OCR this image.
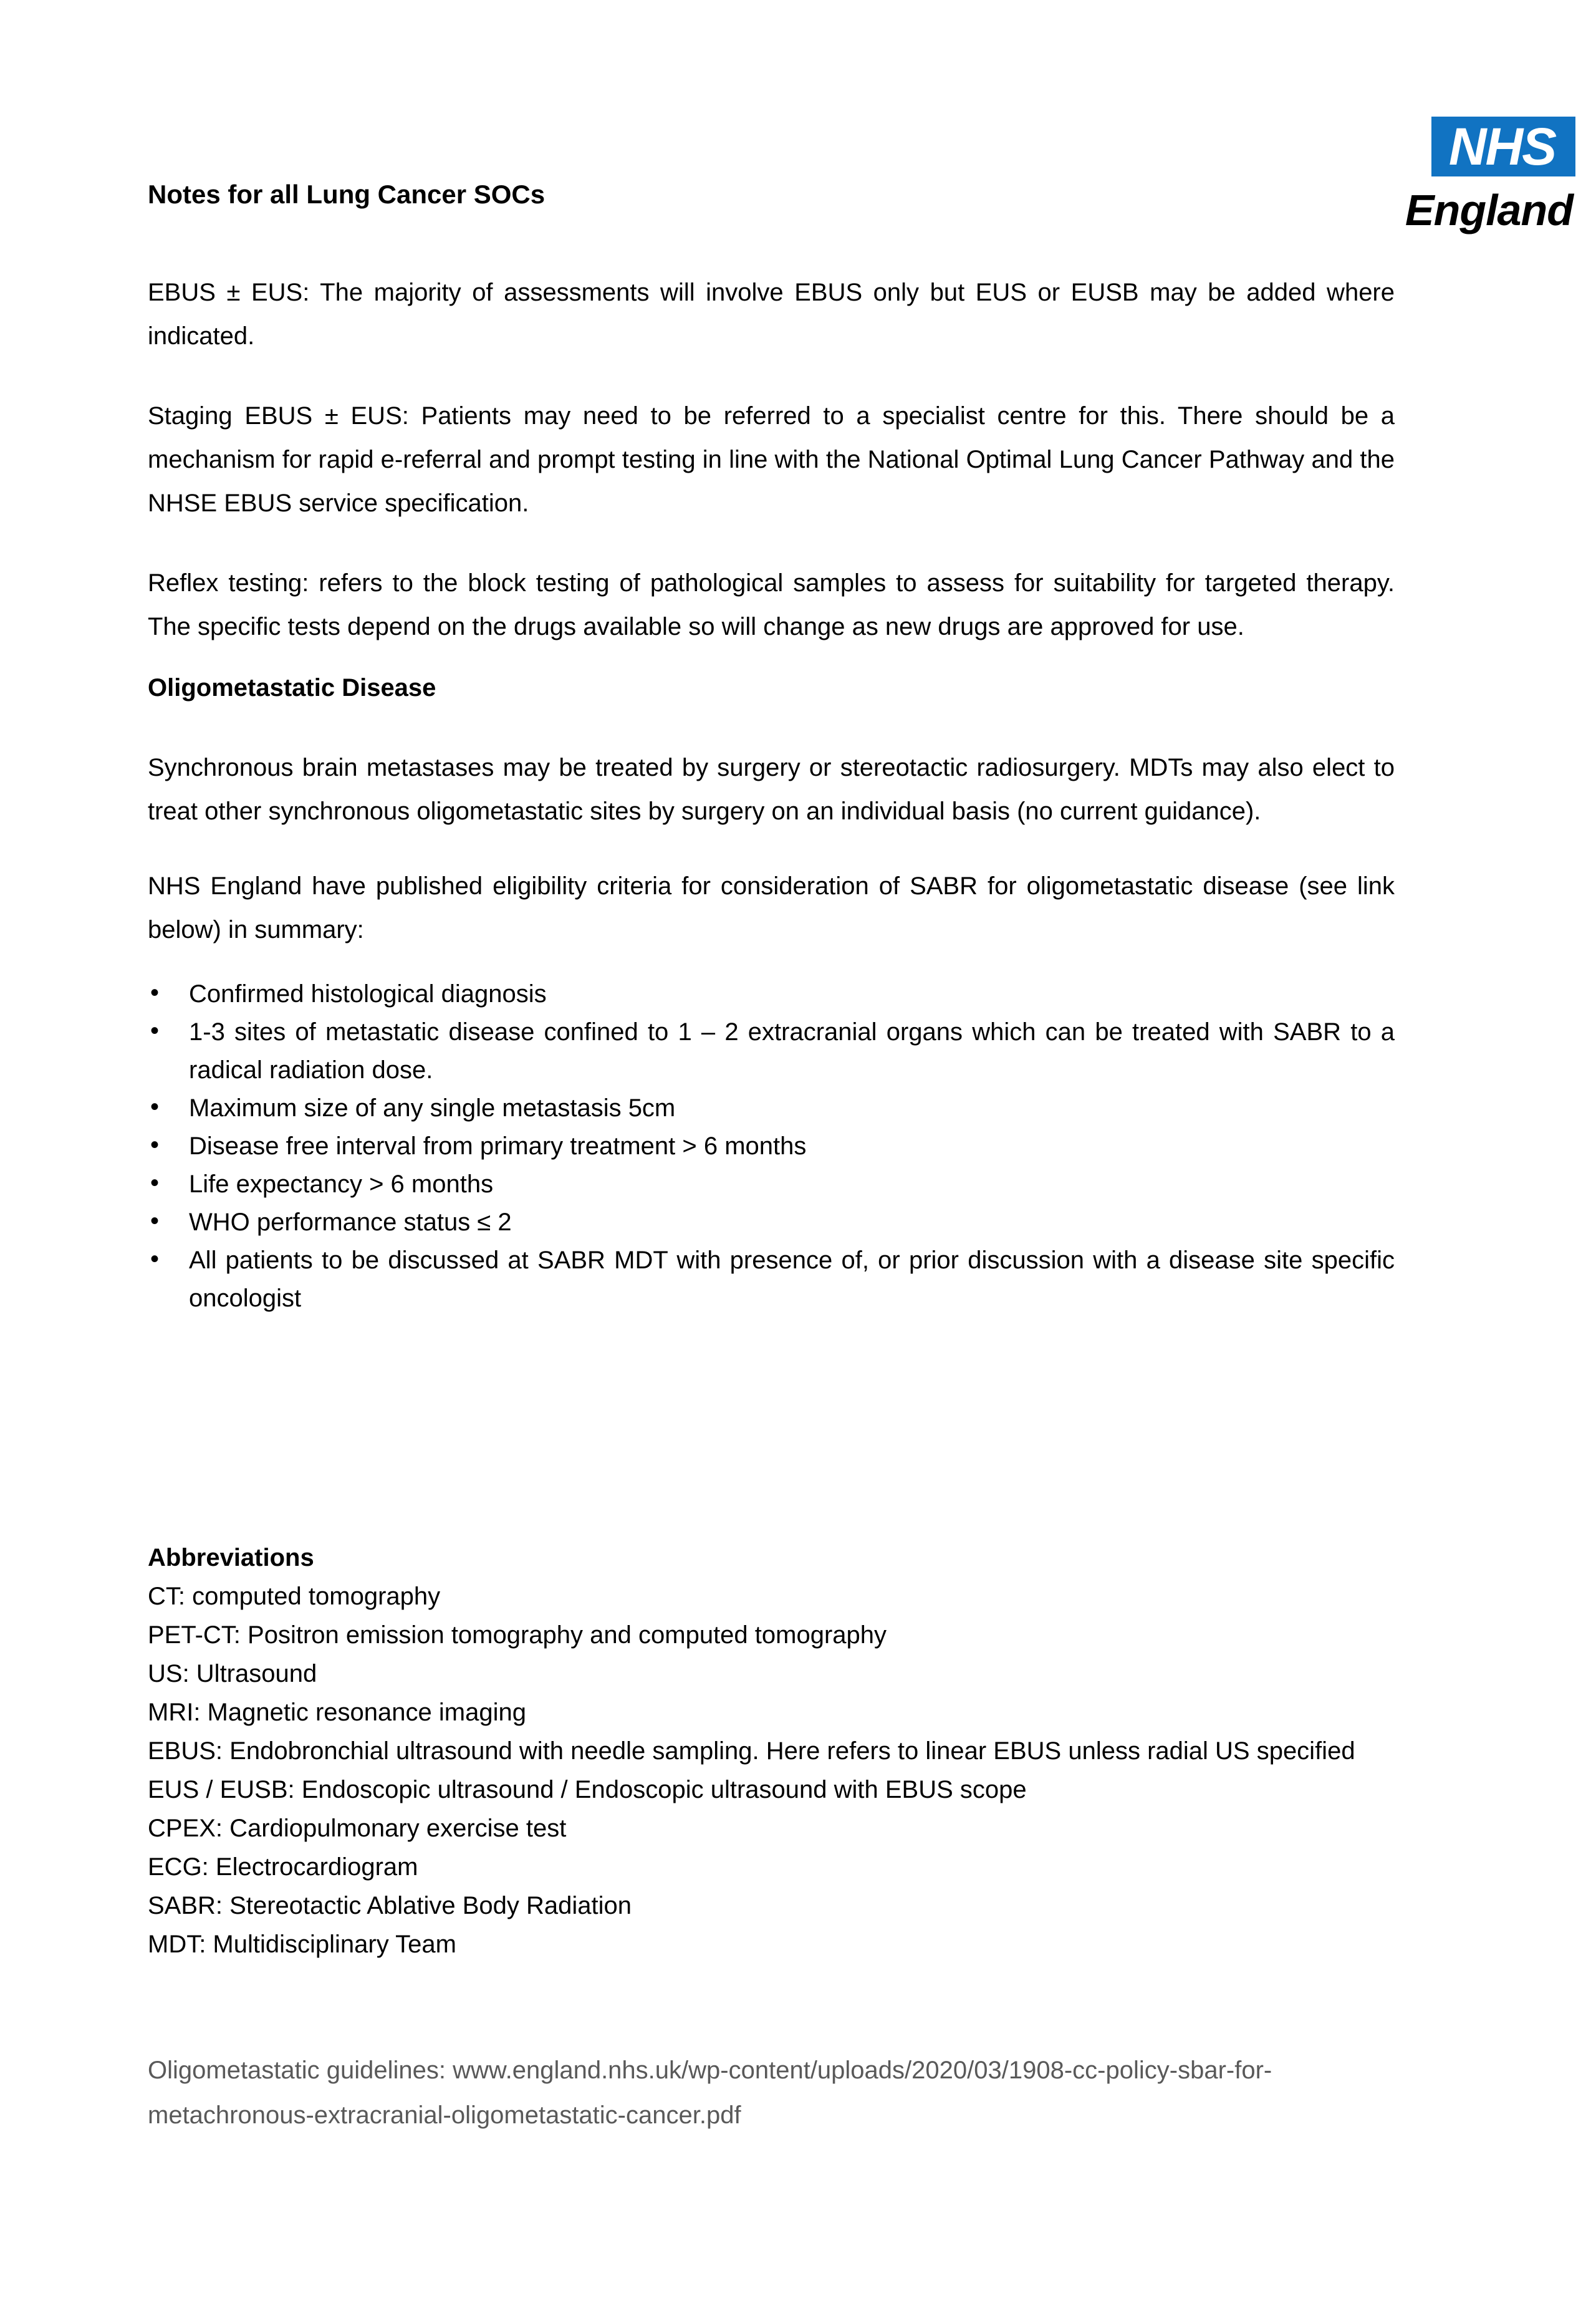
NHS
England
Notes for all Lung Cancer SOCs

EBUS ± EUS: The majority of assessments will involve EBUS only but EUS or EUSB may be added where indicated.

Staging EBUS ± EUS: Patients may need to be referred to a specialist centre for this. There should be a mechanism for rapid e-referral and prompt testing in line with the National Optimal Lung Cancer Pathway and the NHSE EBUS service specification.

Reflex testing: refers to the block testing of pathological samples to assess for suitability for targeted therapy. The specific tests depend on the drugs available so will change as new drugs are approved for use.

Oligometastatic Disease

Synchronous brain metastases may be treated by surgery or stereotactic radiosurgery. MDTs may also elect to treat other synchronous oligometastatic sites by surgery on an individual basis (no current guidance).

NHS England have published eligibility criteria for consideration of SABR for oligometastatic disease (see link below) in summary:

• Confirmed histological diagnosis
• 1-3 sites of metastatic disease confined to 1 – 2 extracranial organs which can be treated with SABR to a radical radiation dose.
• Maximum size of any single metastasis 5cm
• Disease free interval from primary treatment > 6 months
• Life expectancy > 6 months
• WHO performance status ≤ 2
• All patients to be discussed at SABR MDT with presence of, or prior discussion with a disease site specific oncologist
Abbreviations
CT: computed tomography
PET-CT: Positron emission tomography and computed tomography
US: Ultrasound
MRI: Magnetic resonance imaging
EBUS: Endobronchial ultrasound with needle sampling. Here refers to linear EBUS unless radial US specified
EUS / EUSB: Endoscopic ultrasound / Endoscopic ultrasound with EBUS scope
CPEX: Cardiopulmonary exercise test
ECG: Electrocardiogram
SABR: Stereotactic Ablative Body Radiation
MDT: Multidisciplinary Team

Oligometastatic guidelines: www.england.nhs.uk/wp-content/uploads/2020/03/1908-cc-policy-sbar-for-metachronous-extracranial-oligometastatic-cancer.pdf
